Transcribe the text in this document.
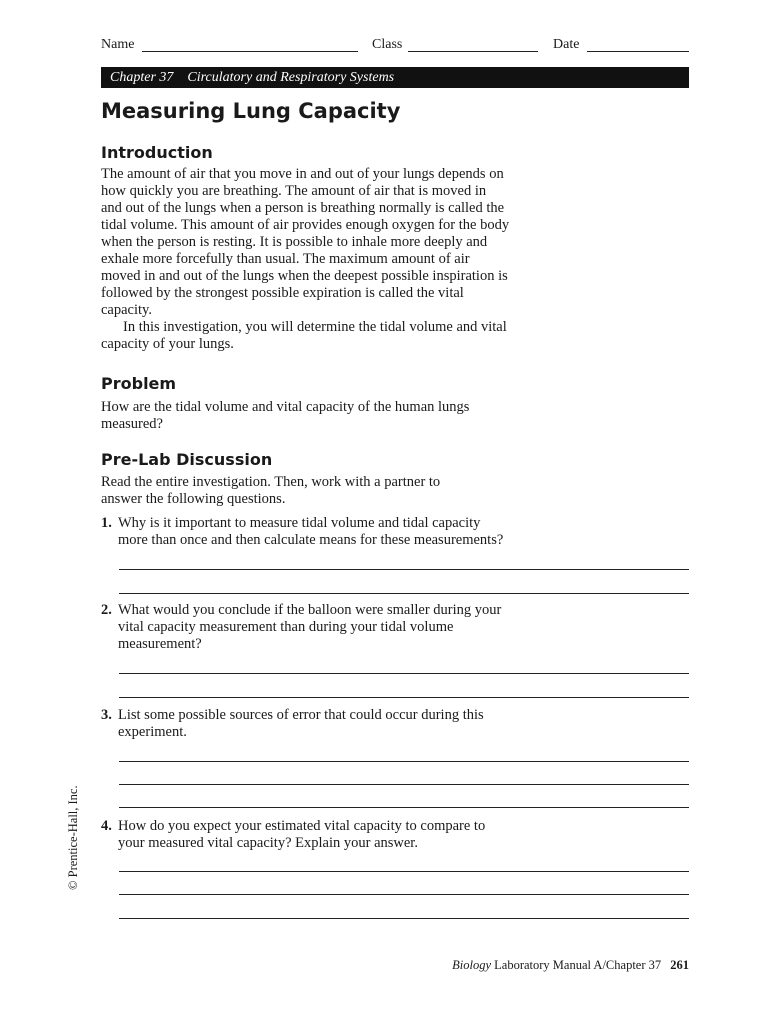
Name	Class	Date
Chapter 37 Circulatory and Respiratory Systems
Measuring Lung Capacity
Introduction
The amount of air that you move in and out of your lungs depends on
how quickly you are breathing. The amount of air that is moved in
and out of the lungs when a person is breathing normally is called the
tidal volume. This amount of air provides enough oxygen for the body
when the person is resting. It is possible to inhale more deeply and
exhale more forcefully than usual. The maximum amount of air
moved in and out of the lungs when the deepest possible inspiration is
followed by the strongest possible expiration is called the vital
capacity.
In this investigation, you will determine the tidal volume and vital
capacity of your lungs.
Problem
How are the tidal volume and vital capacity of the human lungs
measured?
Pre-Lab Discussion
Read the entire investigation. Then, work with a partner to
answer the following questions.
1. Why is it important to measure tidal volume and tidal capacity
more than once and then calculate means for these measurements?
2. What would you conclude if the balloon were smaller during your
vital capacity measurement than during your tidal volume
measurement?
3. List some possible sources of error that could occur during this
experiment.
4. How do you expect your estimated vital capacity to compare to
your measured vital capacity? Explain your answer.
© Prentice-Hall, Inc.
Biology Laboratory Manual A/Chapter 37 261
